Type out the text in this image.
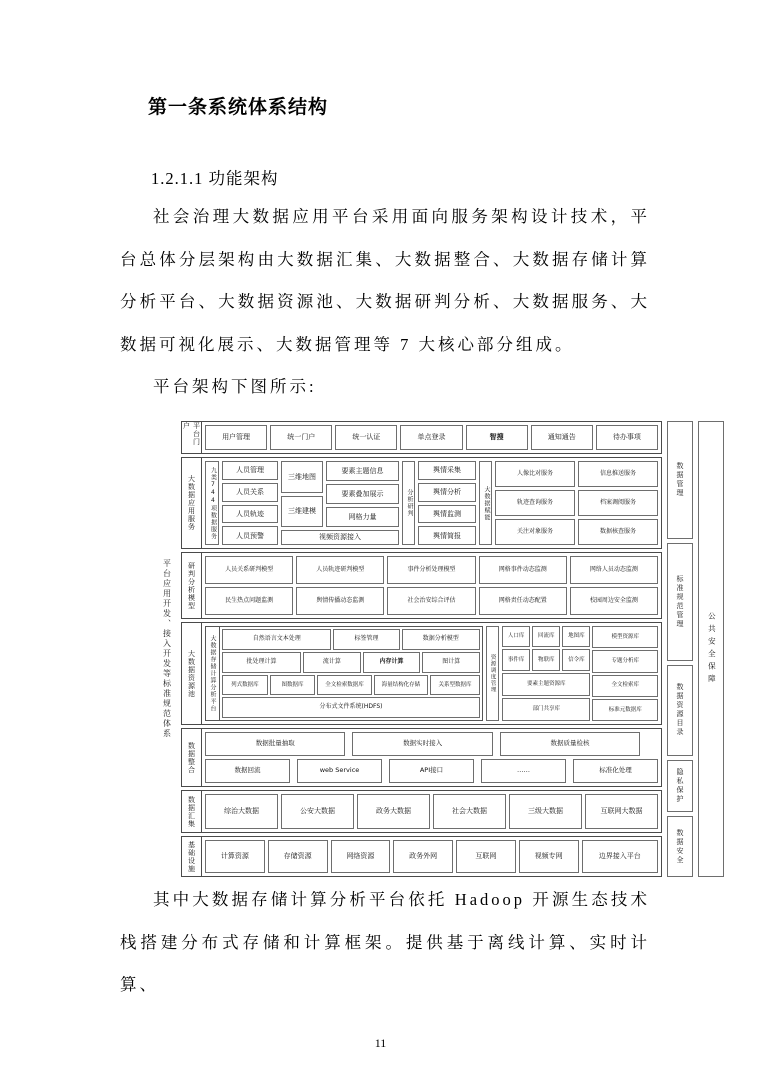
第一条系统体系结构
1.2.1.1 功能架构

社会治理大数据应用平台采用面向服务架构设计技术，平台总体分层架构由大数据汇集、大数据整合、大数据存储计算分析平台、大数据资源池、大数据研判分析、大数据服务、大数据可视化展示、大数据管理等 7 大核心部分组成。

平台架构下图所示:

其中大数据存储计算分析平台依托 Hadoop 开源生态技术栈搭建分布式存储和计算框架。提供基于离线计算、实时计算、

11
平台应用开发、接入开发等标准规范体系
平台门户
用户管理	统一门户	统一认证	单点登录	智搜	通知通告	待办事项
大数据应用服务	九类744项数据服务	人员管理
人员关系
人员轨迹
人员预警
三维地图
三维建模
要素主题信息
要素叠加展示
网格力量
视频资源接入
分析研判
舆情采集
舆情分析
舆情监测
舆情简报
大数据赋能
人像比对服务	信息推送服务
轨迹查询服务	档案调阅服务
关注对象服务	数据核查服务
研判分析模型	人员关系研判模型	人员轨迹研判模型	事件分析处理模型	网格事件动态监测	网络人员动态监测
民生热点问题监测	舆情传播动态监测	社会治安综合评估	网格责任动态配置	校园周边安全监测
大数据资源池	大数据存储计算分析平台	自然语言文本处理	标签管理	数据分析模型
批处理计算	流计算	内存计算	图计算
列式数据库	图数据库	全文检索数据库	海量结构化存储	关系型数据库
分布式文件系统(HDFS)
资源调度管理
人口库	回流库	地图库
事件库	物联库	信令库
要素主题资源库
部门共享库
模型资源库
专题分析库
全文检索库
标准元数据库
数据整合	数据批量抽取	数据实时接入	数据质量检核
数据回流	web Service	API接口	……	标准化处理
数据汇集	综治大数据	公安大数据	政务大数据	社会大数据	三级大数据	互联网大数据
基础设施	计算资源	存储资源	网络资源	政务外网	互联网	视频专网	边界接入平台
数据管理
标准规范管理
数据资源目录
隐私保护
数据安全
公共安全保障
